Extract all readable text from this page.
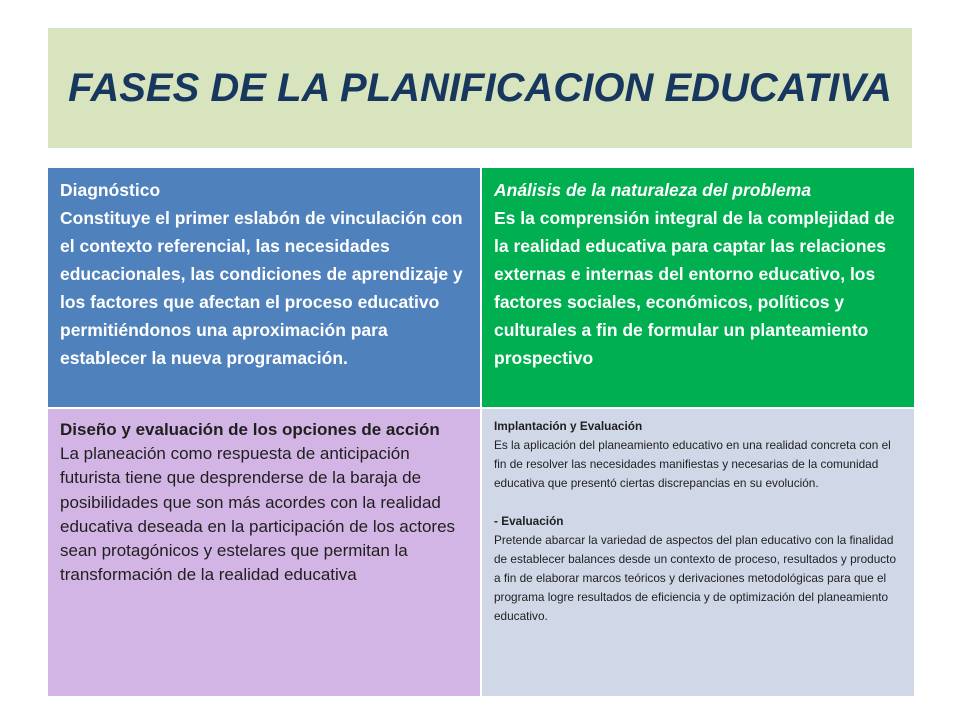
FASES DE LA PLANIFICACION EDUCATIVA
Diagnóstico
Constituye el primer eslabón de vinculación con el contexto referencial, las necesidades educacionales, las condiciones de aprendizaje y los factores que afectan el proceso educativo permitiéndonos una aproximación para establecer la nueva programación.
Análisis de la naturaleza del problema
Es la comprensión integral de la complejidad de la realidad educativa para captar las relaciones externas e internas del entorno educativo, los factores sociales, económicos, políticos y culturales a fin de formular un planteamiento prospectivo
Diseño y evaluación de los opciones de acción
La planeación como respuesta de anticipación futurista tiene que desprenderse de la baraja de posibilidades que son más acordes con la realidad educativa deseada en la participación de los actores sean protagónicos y estelares que permitan la transformación de la realidad educativa
Implantación y Evaluación
Es la aplicación del planeamiento educativo en una realidad concreta con el fin de resolver las necesidades manifiestas y necesarias de la comunidad educativa que presentó ciertas discrepancias en su evolución.
- Evaluación
Pretende abarcar la variedad de aspectos del plan educativo con la finalidad de establecer balances desde un contexto de proceso, resultados y producto a fin de elaborar marcos teóricos y derivaciones metodológicas para que el programa logre resultados de eficiencia y de optimización del planeamiento educativo.
